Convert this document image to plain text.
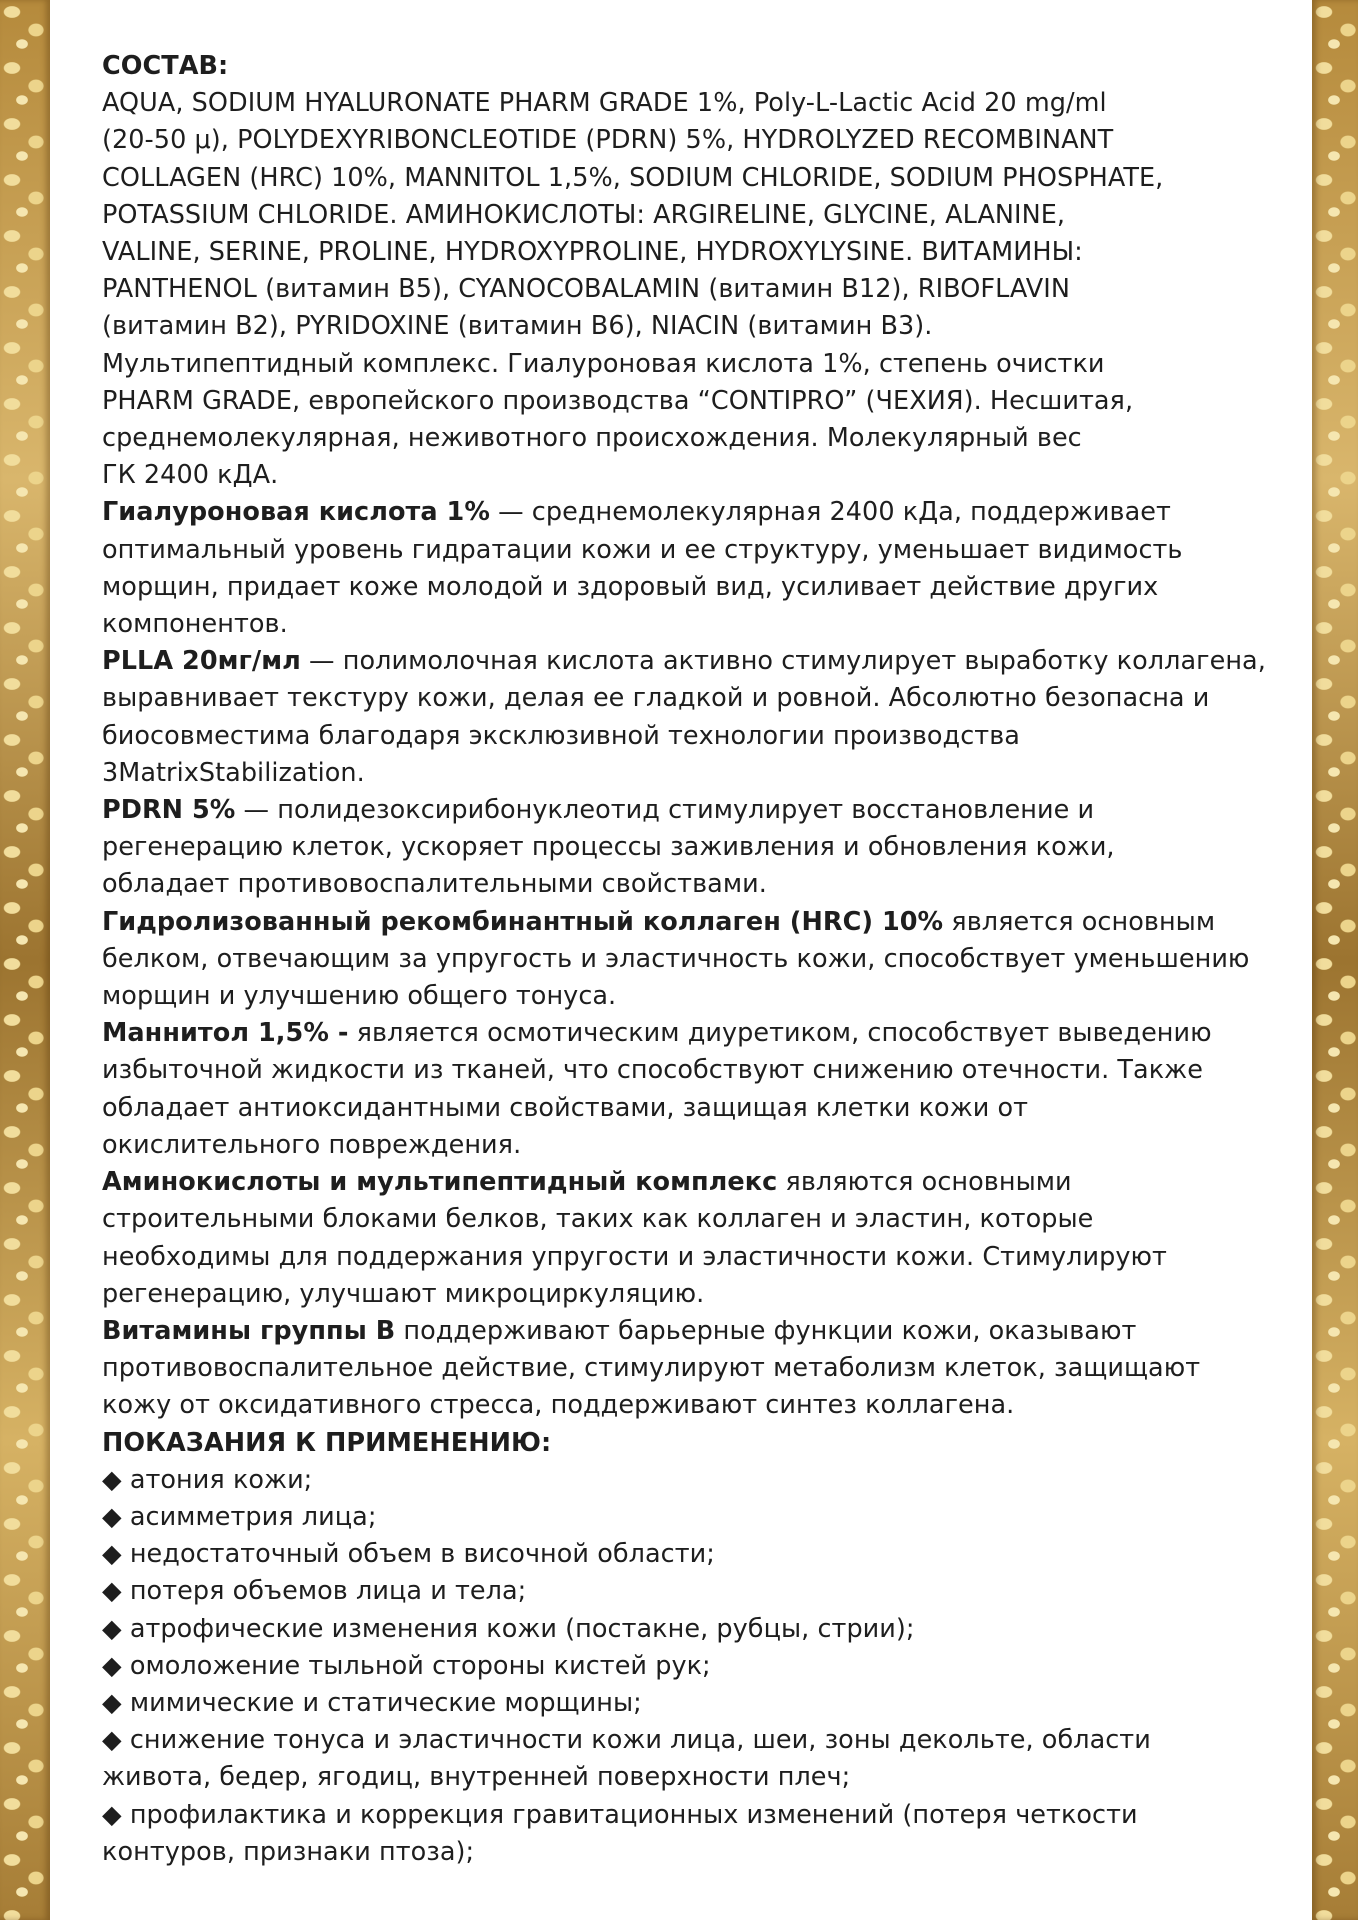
СОСТАВ:

AQUA, SODIUM HYALURONATE PHARM GRADE 1%, Poly-L-Lactic Acid 20 mg/ml
(20-50 μ), POLYDEXYRIBONCLEOTIDE (PDRN) 5%, HYDROLYZED RECOMBINANT
COLLAGEN (HRC) 10%, MANNITOL 1,5%, SODIUM CHLORIDE, SODIUM PHOSPHATE,
POTASSIUM CHLORIDE. АМИНОКИСЛОТЫ: ARGIRELINE, GLYCINE, ALANINE,
VALINE, SERINE, PROLINE, HYDROXYPROLINE, HYDROXYLYSINE. ВИТАМИНЫ:
PANTHENOL (витамин В5), CYANOCOBALAMIN (витамин В12), RIBOFLAVIN
(витамин В2), PYRIDOXINE (витамин В6), NIACIN (витамин В3).
Мультипептидный комплекс. Гиалуроновая кислота 1%, степень очистки
PHARM GRADE, европейского производства “CONTIPRO” (ЧЕХИЯ). Несшитая,
среднемолекулярная, неживотного происхождения. Молекулярный вес
ГК 2400 кДА.

Гиалуроновая кислота 1% — среднемолекулярная 2400 кДа, поддерживает
оптимальный уровень гидратации кожи и ее структуру, уменьшает видимость
морщин, придает коже молодой и здоровый вид, усиливает действие других
компонентов.

PLLA 20мг/мл — полимолочная кислота активно стимулирует выработку коллагена,
выравнивает текстуру кожи, делая ее гладкой и ровной. Абсолютно безопасна и
биосовместима благодаря эксклюзивной технологии производства
3MatrixStabilization.

PDRN 5% — полидезоксирибонуклеотид стимулирует восстановление и
регенерацию клеток, ускоряет процессы заживления и обновления кожи,
обладает противовоспалительными свойствами.

Гидролизованный рекомбинантный коллаген (HRC) 10% является основным
белком, отвечающим за упругость и эластичность кожи, способствует уменьшению
морщин и улучшению общего тонуса.

Маннитол 1,5% - является осмотическим диуретиком, способствует выведению
избыточной жидкости из тканей, что способствуют снижению отечности. Также
обладает антиоксидантными свойствами, защищая клетки кожи от
окислительного повреждения.

Аминокислоты и мультипептидный комплекс являются основными
строительными блоками белков, таких как коллаген и эластин, которые
необходимы для поддержания упругости и эластичности кожи. Стимулируют
регенерацию, улучшают микроциркуляцию.

Витамины группы В поддерживают барьерные функции кожи, оказывают
противовоспалительное действие, стимулируют метаболизм клеток, защищают
кожу от оксидативного стресса, поддерживают синтез коллагена.

ПОКАЗАНИЯ К ПРИМЕНЕНИЮ:

◆ атония кожи;
◆ асимметрия лица;
◆ недостаточный объем в височной области;
◆ потеря объемов лица и тела;
◆ атрофические изменения кожи (постакне, рубцы, стрии);
◆ омоложение тыльной стороны кистей рук;
◆ мимические и статические морщины;
◆ снижение тонуса и эластичности кожи лица, шеи, зоны декольте, области
живота, бедер, ягодиц, внутренней поверхности плеч;
◆ профилактика и коррекция гравитационных изменений (потеря четкости
контуров, признаки птоза);
